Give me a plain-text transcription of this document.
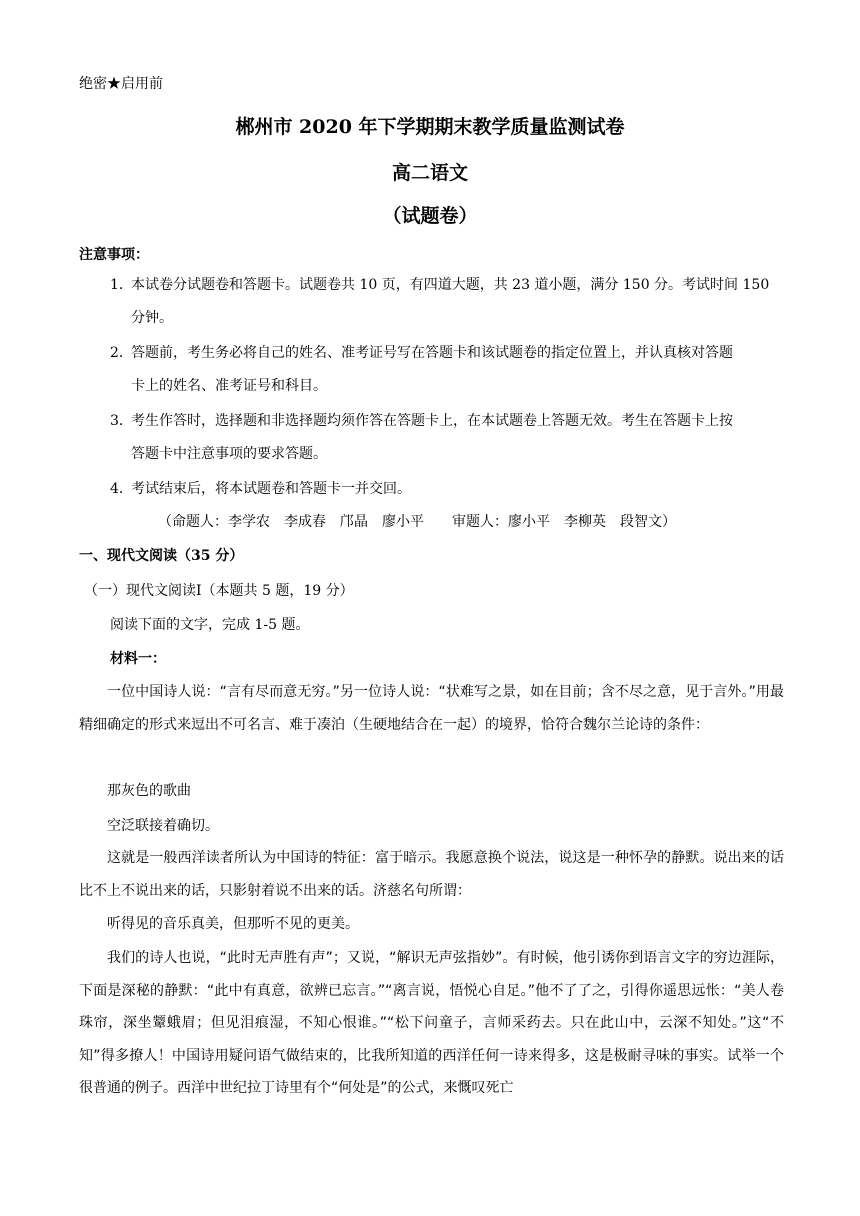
绝密★启用前
郴州市 2020 年下学期期末教学质量监测试卷
高二语文
（试题卷）
注意事项：
1．本试卷分试题卷和答题卡。试题卷共 10 页，有四道大题，共 23 道小题，满分 150 分。考试时间 150
分钟。
2．答题前，考生务必将自己的姓名、准考证号写在答题卡和该试题卷的指定位置上，并认真核对答题
卡上的姓名、准考证号和科目。
3．考生作答时，选择题和非选择题均须作答在答题卡上，在本试题卷上答题无效。考生在答题卡上按
答题卡中注意事项的要求答题。
4．考试结束后，将本试题卷和答题卡一并交回。
（命题人：李学农　李成春　邝晶　廖小平　　审题人：廖小平　李柳英　段智文）
一、现代文阅读（35 分）
（一）现代文阅读Ⅰ（本题共 5 题，19 分）
阅读下面的文字，完成 1-5 题。
材料一：
一位中国诗人说：“言有尽而意无穷。”另一位诗人说：“状难写之景，如在目前；含不尽之意，见于言外。”用最精细确定的形式来逗出不可名言、难于凑泊（生硬地结合在一起）的境界，恰符合魏尔兰论诗的条件：
那灰色的歌曲
空泛联接着确切。
这就是一般西洋读者所认为中国诗的特征：富于暗示。我愿意换个说法，说这是一种怀孕的静默。说出来的话比不上不说出来的话，只影射着说不出来的话。济慈名句所谓：
听得见的音乐真美，但那听不见的更美。
我们的诗人也说，“此时无声胜有声”；又说，“解识无声弦指妙”。有时候，他引诱你到语言文字的穷边涯际，下面是深秘的静默：“此中有真意，欲辨已忘言。”“离言说，悟悦心自足。”他不了了之，引得你遥思远怅：“美人卷珠帘，深坐颦蛾眉；但见泪痕湿，不知心恨谁。”“松下问童子，言师采药去。只在此山中，云深不知处。”这“不知”得多撩人！中国诗用疑问语气做结束的，比我所知道的西洋任何一诗来得多，这是极耐寻味的事实。试举一个很普通的例子。西洋中世纪拉丁诗里有个“何处是”的公式，来慨叹死亡
